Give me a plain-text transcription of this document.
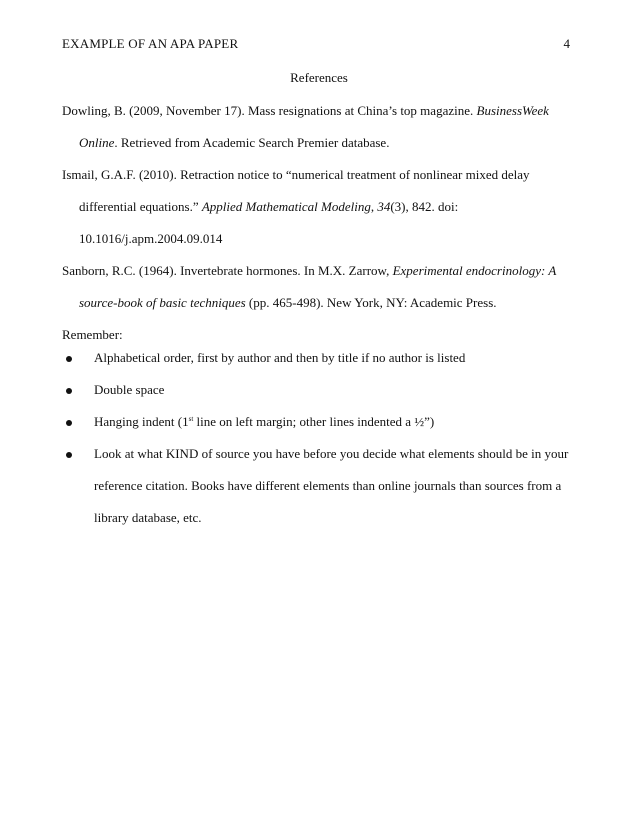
EXAMPLE OF AN APA PAPER	4
References
Dowling, B. (2009, November 17). Mass resignations at China’s top magazine. BusinessWeek
Online. Retrieved from Academic Search Premier database.
Ismail, G.A.F. (2010). Retraction notice to “numerical treatment of nonlinear mixed delay
differential equations.” Applied Mathematical Modeling, 34(3), 842. doi:
10.1016/j.apm.2004.09.014
Sanborn, R.C. (1964). Invertebrate hormones. In M.X. Zarrow, Experimental endocrinology: A
source-book of basic techniques (pp. 465-498). New York, NY: Academic Press.
Remember:
Alphabetical order, first by author and then by title if no author is listed
Double space
Hanging indent (1st line on left margin; other lines indented a ½”)
Look at what KIND of source you have before you decide what elements should be in your
reference citation. Books have different elements than online journals than sources from a
library database, etc.
